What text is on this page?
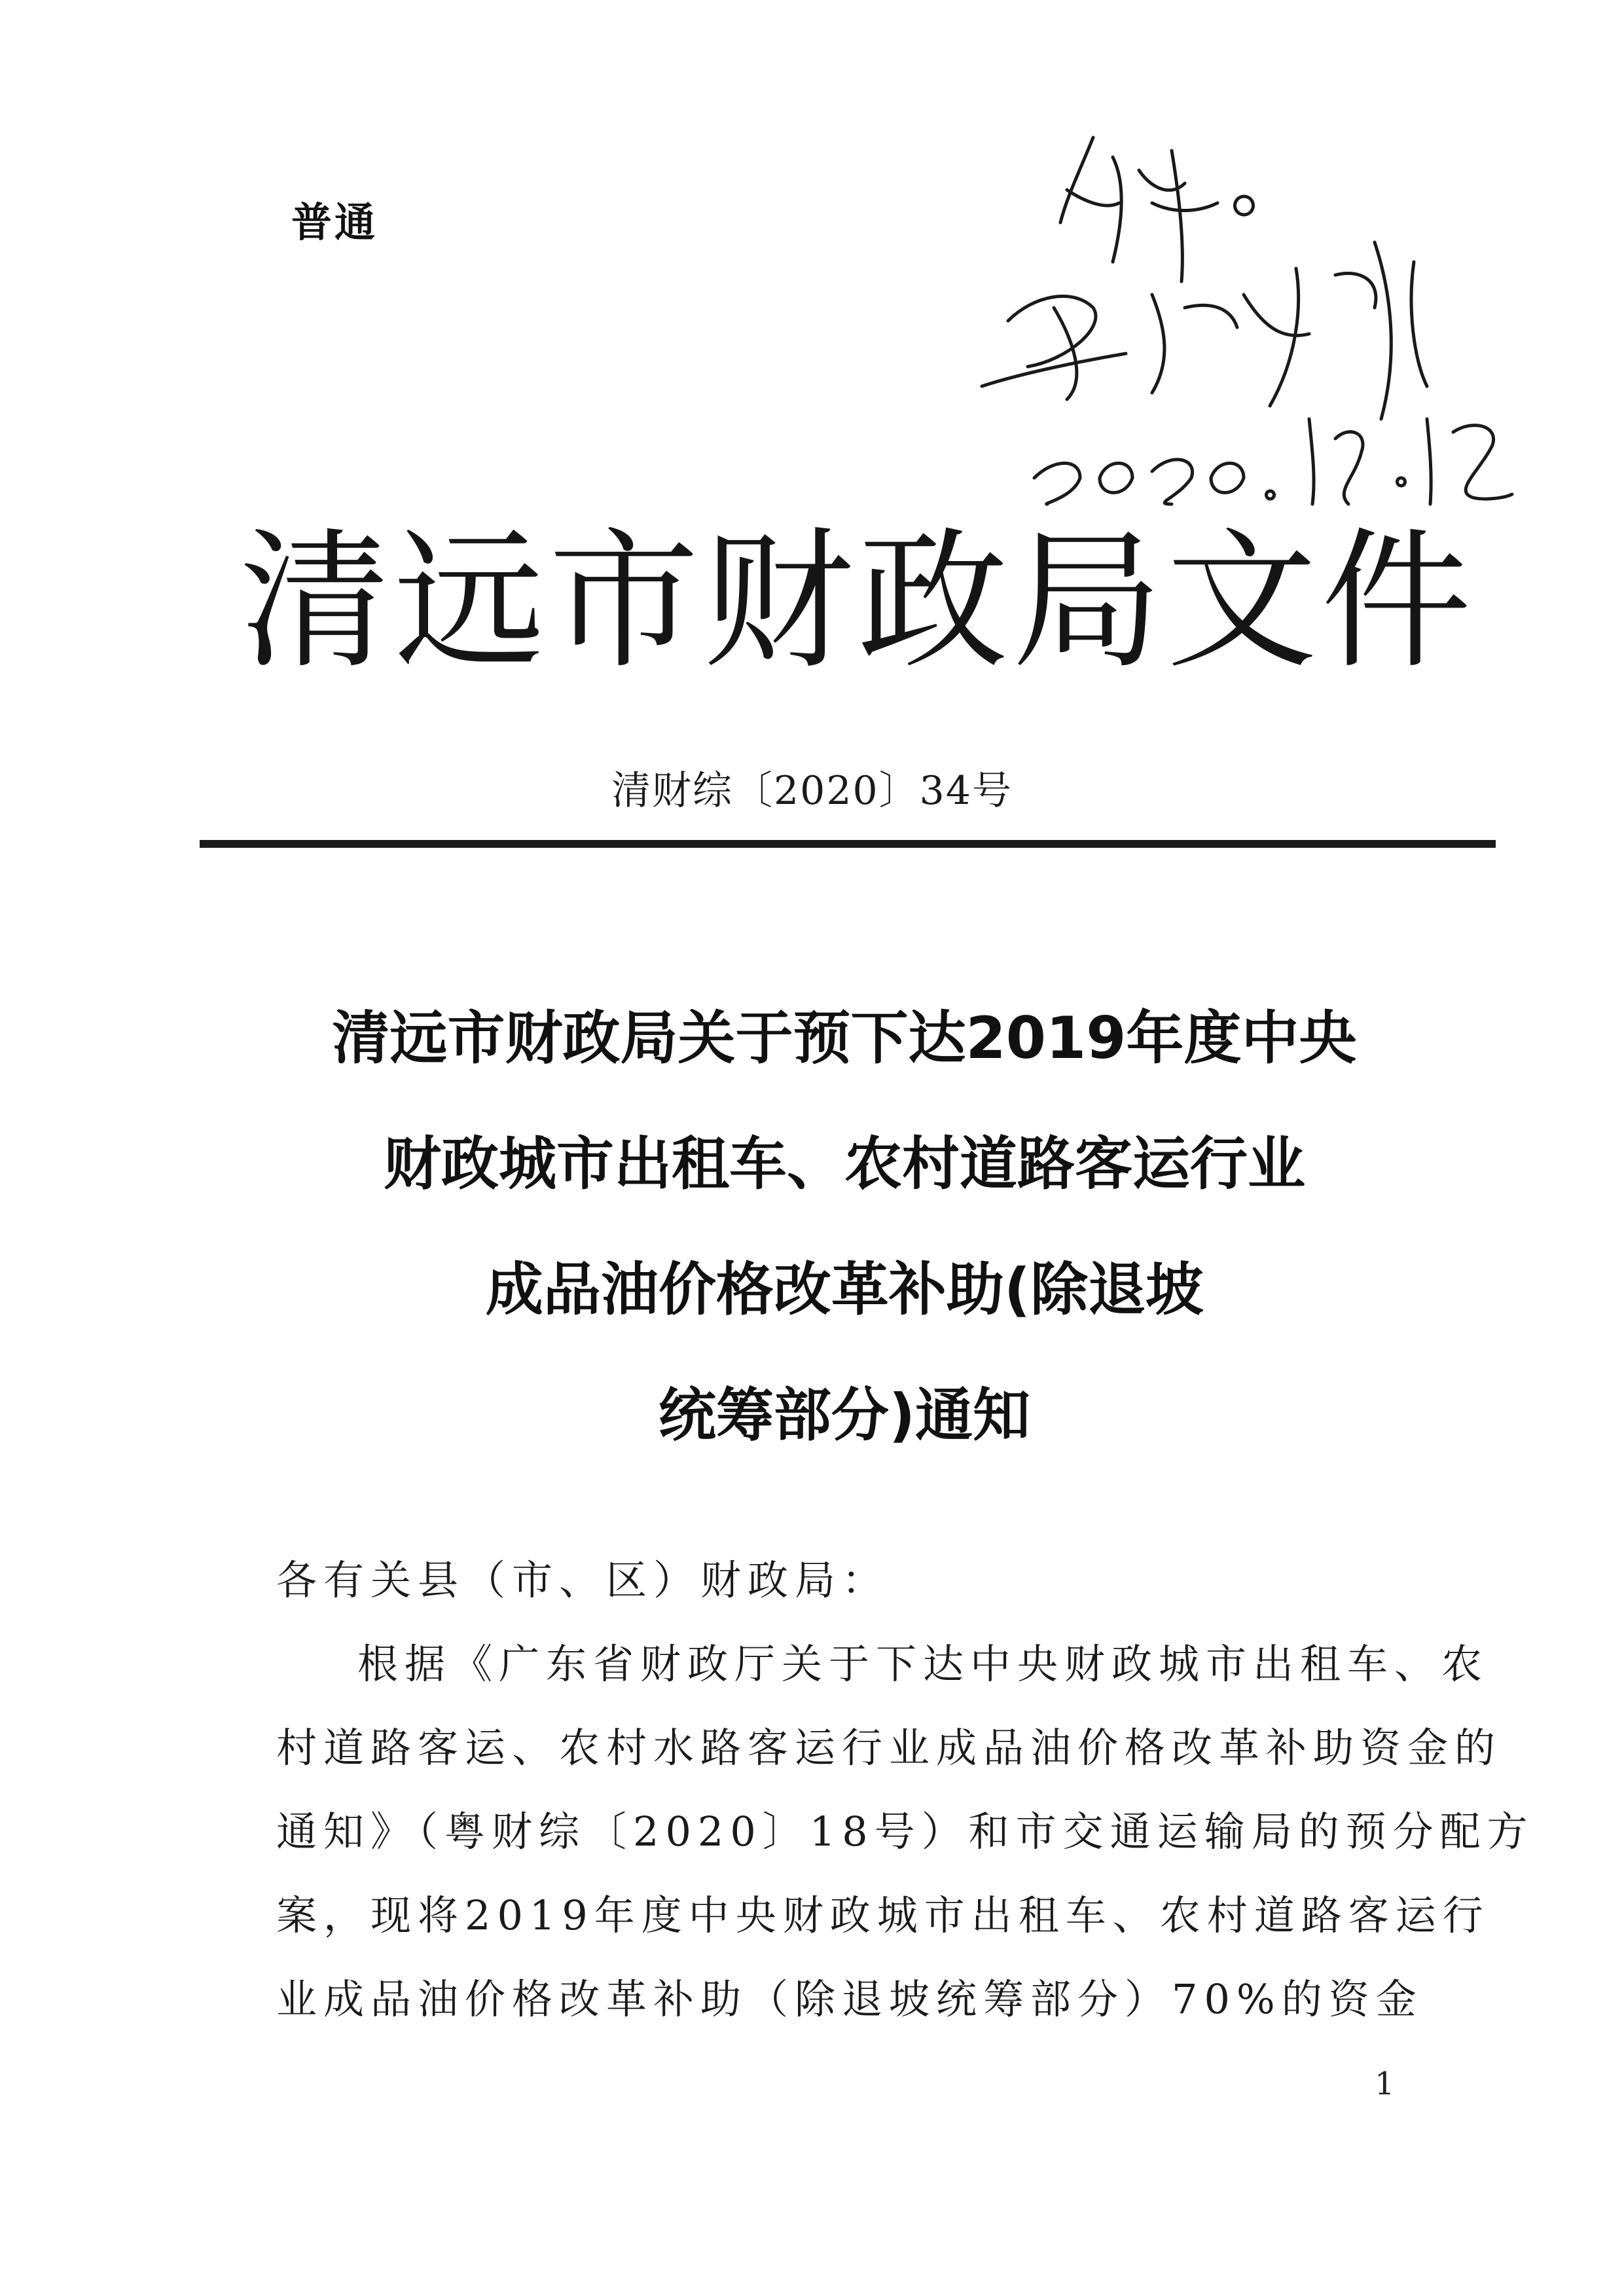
普通
清远市财政局文件
清财综〔2020〕34号
清远市财政局关于预下达2019年度中央
财政城市出租车、农村道路客运行业
成品油价格改革补助(除退坡
统筹部分)通知

各有关县（市、区）财政局：

根据《广东省财政厅关于下达中央财政城市出租车、农

村道路客运、农村水路客运行业成品油价格改革补助资金的

通知》（粤财综〔2020〕18号）和市交通运输局的预分配方

案，现将2019年度中央财政城市出租车、农村道路客运行

业成品油价格改革补助（除退坡统筹部分）70%的资金

1
